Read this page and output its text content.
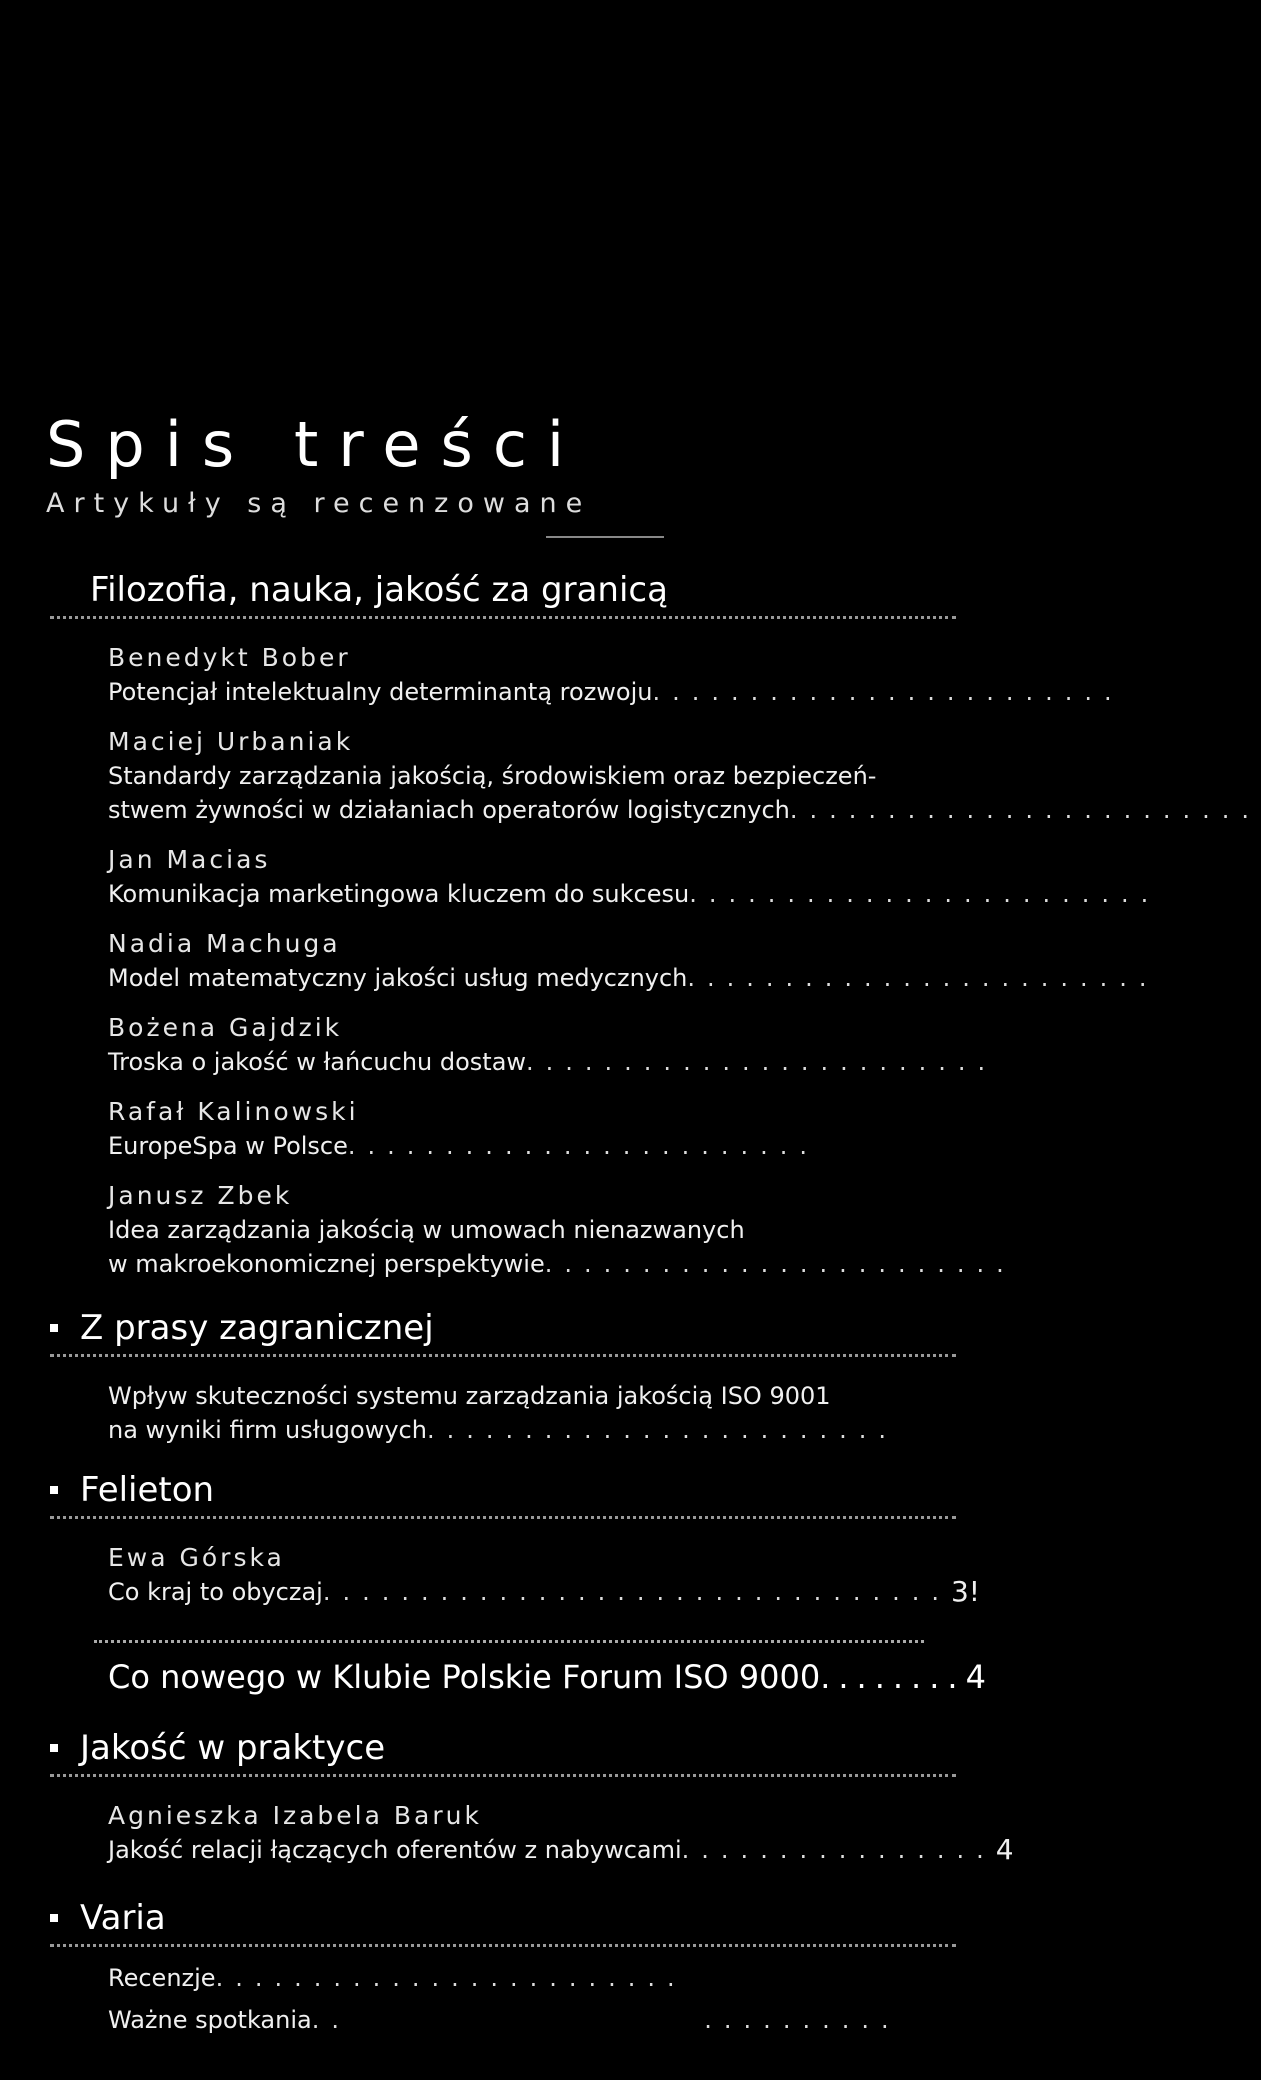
Spis treści
Artykuły są recenzowane
Filozofia, nauka, jakość za granicą
Benedykt Bober
Potencjał intelektualny determinantą rozwoju ........................
Maciej Urbaniak
Standardy zarządzania jakością, środowiskiem oraz bezpieczeń-
stwem żywności w działaniach operatorów logistycznych ........................
Jan Macias
Komunikacja marketingowa kluczem do sukcesu ........................
Nadia Machuga
Model matematyczny jakości usług medycznych ........................
Bożena Gajdzik
Troska o jakość w łańcuchu dostaw ........................
Rafał Kalinowski
EuropeSpa w Polsce ........................
Janusz Zbek
Idea zarządzania jakością w umowach nienazwanych
w makroekonomicznej perspektywie ........................
Z prasy zagranicznej
Wpływ skuteczności systemu zarządzania jakością ISO 9001
na wyniki firm usługowych ........................
Felieton
Ewa Górska
Co kraj to obyczaj ................................ 3!
Co nowego w Klubie Polskie Forum ISO 9000 ........ 4
Jakość w praktyce
Agnieszka Izabela Baruk
Jakość relacji łączących oferentów z nabywcami ................ 4
Varia
Recenzje ........................
Ważne spotkania ..                  ..........
